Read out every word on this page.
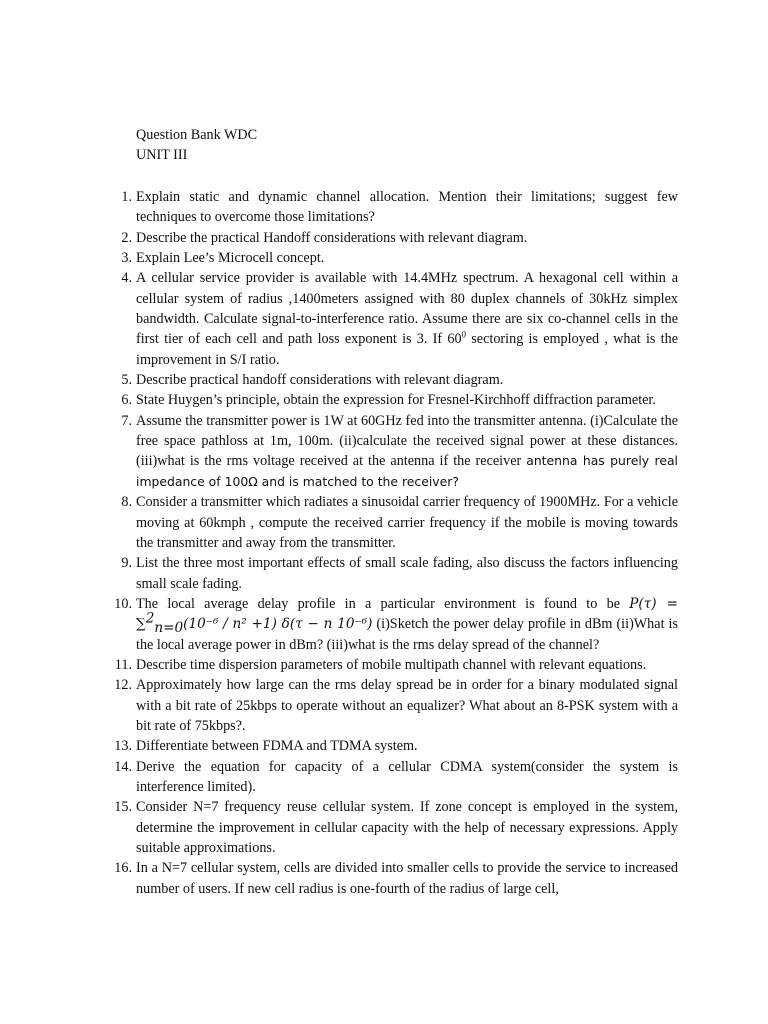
Question Bank WDC
UNIT III
1. Explain static and dynamic channel allocation. Mention their limitations; suggest few techniques to overcome those limitations?
2. Describe the practical Handoff considerations with relevant diagram.
3. Explain Lee’s Microcell concept.
4. A cellular service provider is available with 14.4MHz spectrum. A hexagonal cell within a cellular system of radius ,1400meters assigned with 80 duplex channels of 30kHz simplex bandwidth. Calculate signal-to-interference ratio. Assume there are six co-channel cells in the first tier of each cell and path loss exponent is 3. If $60^0$ sectoring is employed , what is the improvement in S/I ratio.
5. Describe practical handoff considerations with relevant diagram.
6. State Huygen’s principle, obtain the expression for Fresnel-Kirchhoff diffraction parameter.
7. Assume the transmitter power is 1W at 60GHz fed into the transmitter antenna. (i)Calculate the free space pathloss at 1m, 100m. (ii)calculate the received signal power at these distances.(iii)what is the rms voltage received at the antenna if the receiver antenna has purely real impedance of 100Ω and is matched to the receiver?
8. Consider a transmitter which radiates a sinusoidal carrier frequency of 1900MHz. For a vehicle moving at 60kmph , compute the received carrier frequency if the mobile is moving towards the transmitter and away from the transmitter.
9. List the three most important effects of small scale fading, also discuss the factors influencing small scale fading.
10. The local average delay profile in a particular environment is found to be P(τ) = ∑$^2_{n=0}$(10⁻⁶ / n² +1) δ(τ − n 10⁻⁶) (i)Sketch the power delay profile in dBm (ii)What is the local average power in dBm? (iii)what is the rms delay spread of the channel?
11. Describe time dispersion parameters of mobile multipath channel with relevant equations.
12. Approximately how large can the rms delay spread be in order for a binary modulated signal with a bit rate of 25kbps to operate without an equalizer? What about an 8-PSK system with a bit rate of 75kbps?.
13. Differentiate between FDMA and TDMA system.
14. Derive the equation for capacity of a cellular CDMA system(consider the system is interference limited).
15. Consider N=7 frequency reuse cellular system. If zone concept is employed in the system, determine the improvement in cellular capacity with the help of necessary expressions. Apply suitable approximations.
16. In a N=7 cellular system, cells are divided into smaller cells to provide the service to increased number of users. If new cell radius is one-fourth of the radius of large cell,
